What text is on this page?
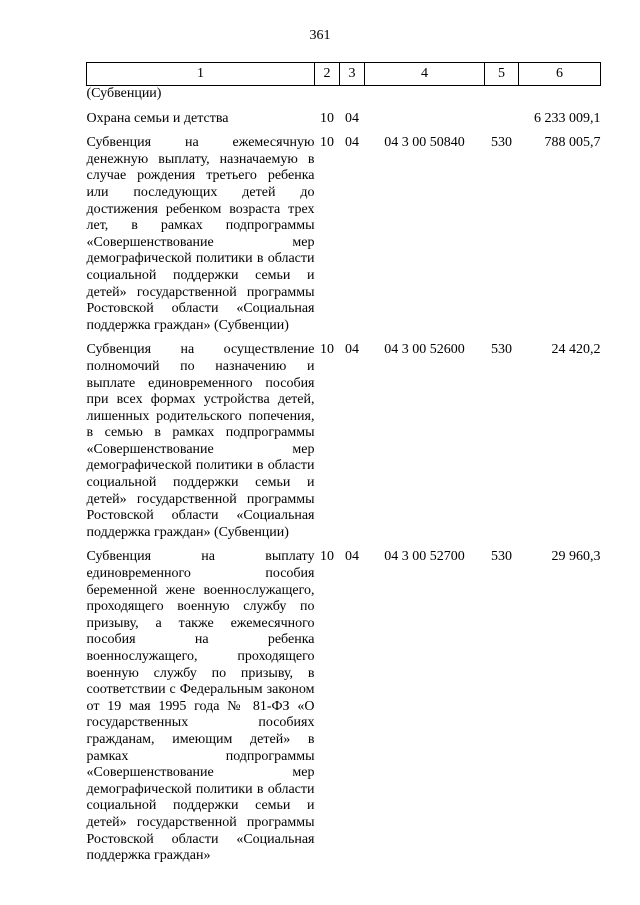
361
1	2	3	4	5	6
(Субвенции)					

Охрана семьи и детства	10	04			6 233 009,1

Субвенция на ежемесячную денежную выплату, назначаемую в случае рождения третьего ребенка или последующих детей до достижения ребенком возраста трех лет, в рамках подпрограммы «Совершенствование мер демографической политики в области социальной поддержки семьи и детей» государственной программы Ростовской области «Социальная поддержка граждан» (Субвенции)	10	04	04 3 00 50840	530	788 005,7

Субвенция на осуществление полномочий по назначению и выплате единовременного пособия при всех формах устройства детей, лишенных родительского попечения, в семью в рамках подпрограммы «Совершенствование мер демографической политики в области социальной поддержки семьи и детей» государственной программы Ростовской области «Социальная поддержка граждан» (Субвенции)	10	04	04 3 00 52600	530	24 420,2

Субвенция на выплату единовременного пособия беременной жене военнослужащего, проходящего военную службу по призыву, а также ежемесячного пособия на ребенка военнослужащего, проходящего военную службу по призыву, в соответствии с Федеральным законом от 19 мая 1995 года № 81-ФЗ «О государственных пособиях гражданам, имеющим детей» в рамках подпрограммы «Совершенствование мер демографической политики в области социальной поддержки семьи и детей» государственной программы Ростовской области «Социальная поддержка граждан»	10	04	04 3 00 52700	530	29 960,3
